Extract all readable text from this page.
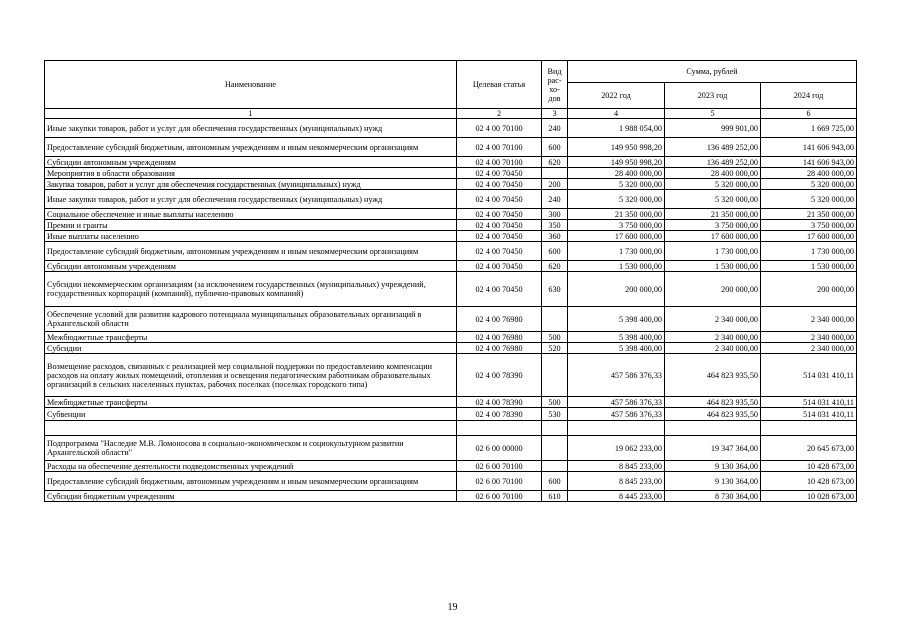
Наименование	Целевая статья	Вид рас-хо-дов	Сумма, рублей		
			2022 год	2023 год	2024 год
1	2	3	4	5	6
Иные закупки товаров, работ и услуг для обеспечения государственных (муниципальных) нужд	02 4 00 70100	240	1 988 054,00	999 901,00	1 669 725,00
Предоставление субсидий бюджетным, автономным учреждениям и иным некоммерческим организациям	02 4 00 70100	600	149 950 998,20	136 489 252,00	141 606 943,00
Субсидии автономным учреждениям	02 4 00 70100	620	149 950 998,20	136 489 252,00	141 606 943,00
Мероприятия в области образования	02 4 00 70450		28 400 000,00	28 400 000,00	28 400 000,00
Закупка товаров, работ и услуг для обеспечения государственных (муниципальных) нужд	02 4 00 70450	200	5 320 000,00	5 320 000,00	5 320 000,00
Иные закупки товаров, работ и услуг для обеспечения государственных (муниципальных) нужд	02 4 00 70450	240	5 320 000,00	5 320 000,00	5 320 000,00
Социальное обеспечение и иные выплаты населению	02 4 00 70450	300	21 350 000,00	21 350 000,00	21 350 000,00
Премии и гранты	02 4 00 70450	350	3 750 000,00	3 750 000,00	3 750 000,00
Иные выплаты населению	02 4 00 70450	360	17 600 000,00	17 600 000,00	17 600 000,00
Предоставление субсидий бюджетным, автономным учреждениям и иным некоммерческим организациям	02 4 00 70450	600	1 730 000,00	1 730 000,00	1 730 000,00
Субсидии автономным учреждениям	02 4 00 70450	620	1 530 000,00	1 530 000,00	1 530 000,00
Субсидии некоммерческим организациям (за исключением государственных (муниципальных) учреждений, государственных корпораций (компаний), публично-правовых компаний)	02 4 00 70450	630	200 000,00	200 000,00	200 000,00
Обеспечение условий для развития кадрового потенциала муниципальных образовательных организаций в Архангельской области	02 4 00 76980		5 398 400,00	2 340 000,00	2 340 000,00
Межбюджетные трансферты	02 4 00 76980	500	5 398 400,00	2 340 000,00	2 340 000,00
Субсидии	02 4 00 76980	520	5 398 400,00	2 340 000,00	2 340 000,00
Возмещение расходов, связанных с реализацией мер социальной поддержки по предоставлению компенсации расходов на оплату жилых помещений, отопления и освещения педагогическим работникам образовательных организаций в сельских населенных пунктах, рабочих поселках (поселках городского типа)	02 4 00 78390		457 586 376,33	464 823 935,50	514 031 410,11
Межбюджетные трансферты	02 4 00 78390	500	457 586 376,33	464 823 935,50	514 031 410,11
Субвенции	02 4 00 78390	530	457 586 376,33	464 823 935,50	514 031 410,11

Подпрограмма "Наследие М.В. Ломоносова в социально-экономическом и социокультурном развитии Архангельской области"	02 6 00 00000		19 062 233,00	19 347 364,00	20 645 673,00
Расходы на обеспечение деятельности подведомственных учреждений	02 6 00 70100		8 845 233,00	9 130 364,00	10 428 673,00
Предоставление субсидий бюджетным, автономным учреждениям и иным некоммерческим организациям	02 6 00 70100	600	8 845 233,00	9 130 364,00	10 428 673,00
Субсидии бюджетным учреждениям	02 6 00 70100	610	8 445 233,00	8 730 364,00	10 028 673,00
19
